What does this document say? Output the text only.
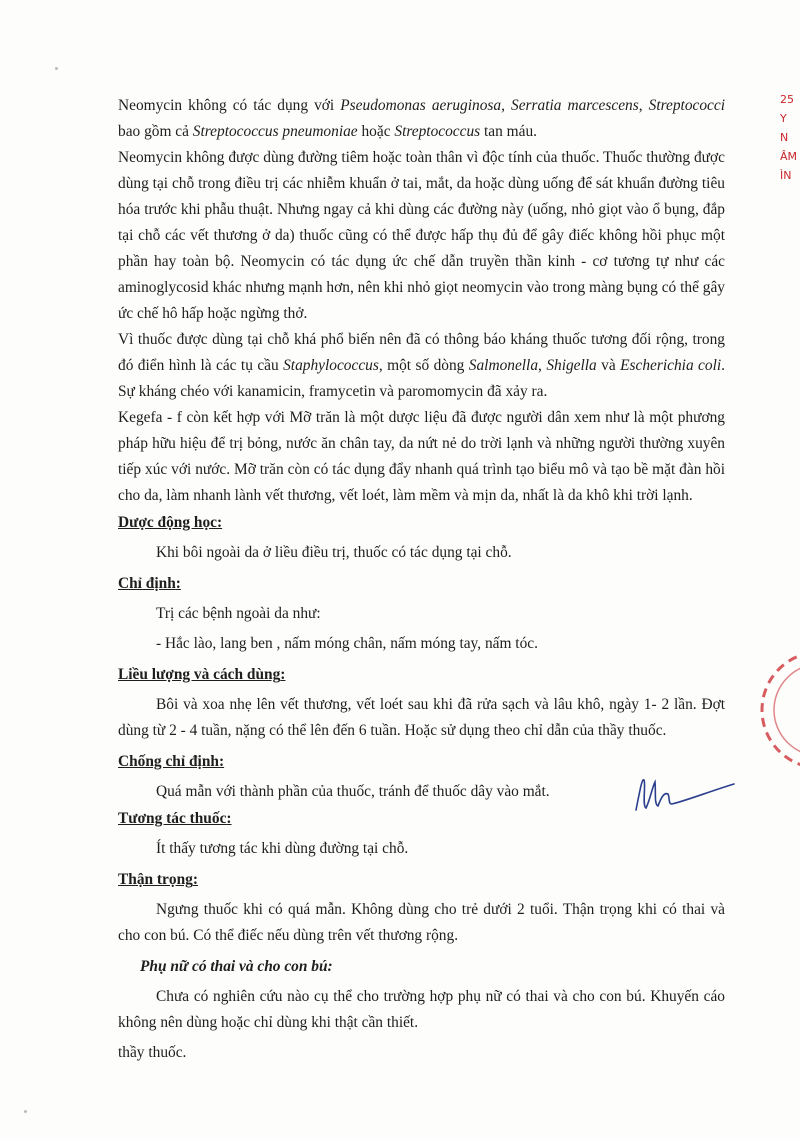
25
Y
N
ÂM
ÌN

Neomycin không có tác dụng với Pseudomonas aeruginosa, Serratia marcescens, Streptococci bao gồm cả Streptococcus pneumoniae hoặc Streptococcus tan máu.

Neomycin không được dùng đường tiêm hoặc toàn thân vì độc tính của thuốc. Thuốc thường được dùng tại chỗ trong điều trị các nhiễm khuẩn ở tai, mắt, da hoặc dùng uống để sát khuẩn đường tiêu hóa trước khi phẫu thuật. Nhưng ngay cả khi dùng các đường này (uống, nhỏ giọt vào ổ bụng, đắp tại chỗ các vết thương ở da) thuốc cũng có thể được hấp thụ đủ để gây điếc không hồi phục một phần hay toàn bộ. Neomycin có tác dụng ức chế dẫn truyền thần kinh - cơ tương tự như các aminoglycosid khác nhưng mạnh hơn, nên khi nhỏ giọt neomycin vào trong màng bụng có thể gây ức chế hô hấp hoặc ngừng thở.

Vì thuốc được dùng tại chỗ khá phổ biến nên đã có thông báo kháng thuốc tương đối rộng, trong đó điển hình là các tụ cầu Staphylococcus, một số dòng Salmonella, Shigella và Escherichia coli. Sự kháng chéo với kanamicin, framycetin và paromomycin đã xảy ra.

Kegefa - f còn kết hợp với Mỡ trăn là một dược liệu đã được người dân xem như là một phương pháp hữu hiệu để trị bỏng, nước ăn chân tay, da nứt nẻ do trời lạnh và những người thường xuyên tiếp xúc với nước. Mỡ trăn còn có tác dụng đẩy nhanh quá trình tạo biểu mô và tạo bề mặt đàn hồi cho da, làm nhanh lành vết thương, vết loét, làm mềm và mịn da, nhất là da khô khi trời lạnh.

Dược động học:

Khi bôi ngoài da ở liều điều trị, thuốc có tác dụng tại chỗ.

Chỉ định:

Trị các bệnh ngoài da như:

- Hắc lào, lang ben , nấm móng chân, nấm móng tay, nấm tóc.

Liều lượng và cách dùng:

Bôi và xoa nhẹ lên vết thương, vết loét sau khi đã rửa sạch và lâu khô, ngày 1- 2 lần. Đợt dùng từ 2 - 4 tuần, nặng có thể lên đến 6 tuần. Hoặc sử dụng theo chỉ dẫn của thầy thuốc.

Chống chỉ định:

Quá mẫn với thành phần của thuốc, tránh để thuốc dây vào mắt.

Tương tác thuốc:

Ít thấy tương tác khi dùng đường tại chỗ.

Thận trọng:

Ngưng thuốc khi có quá mẫn. Không dùng cho trẻ dưới 2 tuổi. Thận trọng khi có thai và cho con bú. Có thể điếc nếu dùng trên vết thương rộng.

Phụ nữ có thai và cho con bú:

Chưa có nghiên cứu nào cụ thể cho trường hợp phụ nữ có thai và cho con bú. Khuyến cáo không nên dùng hoặc chỉ dùng khi thật cần thiết.

thầy thuốc.
